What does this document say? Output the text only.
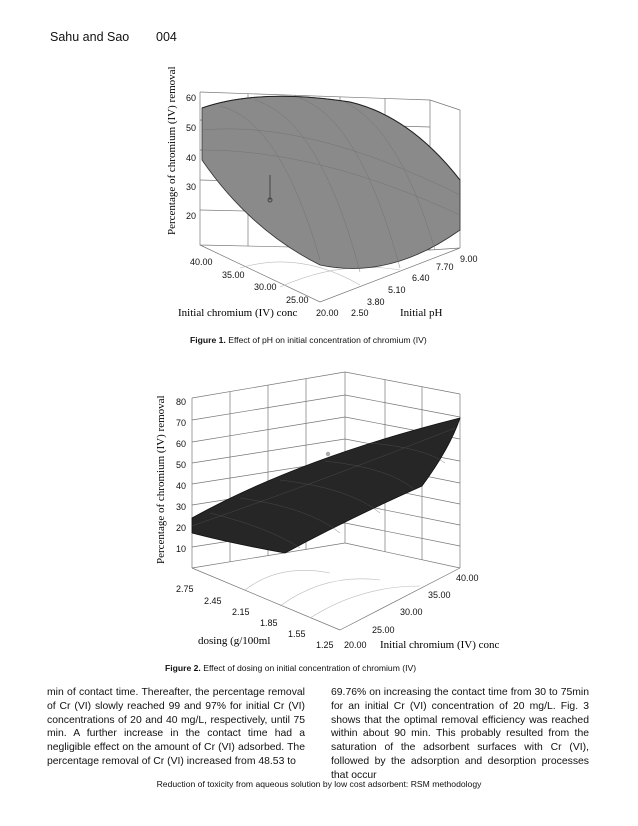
Sahu and Sao 004
60
50
40
30
20
40.00
35.00
30.00
25.00
20.00 2.50
3.80
5.10
6.40
7.70
9.00
Percentage of chromium (IV) removal
Initial chromium (IV) conc	Initial pH
Figure 1. Effect of pH on initial concentration of chromium (IV)
80
70
60
50
40
30
20
10
2.75
2.45
2.15
1.85
1.55
1.25 20.00
25.00
30.00
35.00
40.00
Percentage of chromium (IV) removal
dosing (g/100ml	Initial chromium (IV) conc
Figure 2. Effect of dosing on initial concentration of chromium (IV)

min of contact time. Thereafter, the percentage removal of Cr (VI) slowly reached 99 and 97% for initial Cr (VI) concentrations of 20 and 40 mg/L, respectively, until 75 min. A further increase in the contact time had a negligible effect on the amount of Cr (VI) adsorbed. The percentage removal of Cr (VI) increased from 48.53 to

69.76% on increasing the contact time from 30 to 75min for an initial Cr (VI) concentration of 20 mg/L. Fig. 3 shows that the optimal removal efficiency was reached within about 90 min. This probably resulted from the saturation of the adsorbent surfaces with Cr (VI), followed by the adsorption and desorption processes that occur

Reduction of toxicity from aqueous solution by low cost adsorbent: RSM methodology
